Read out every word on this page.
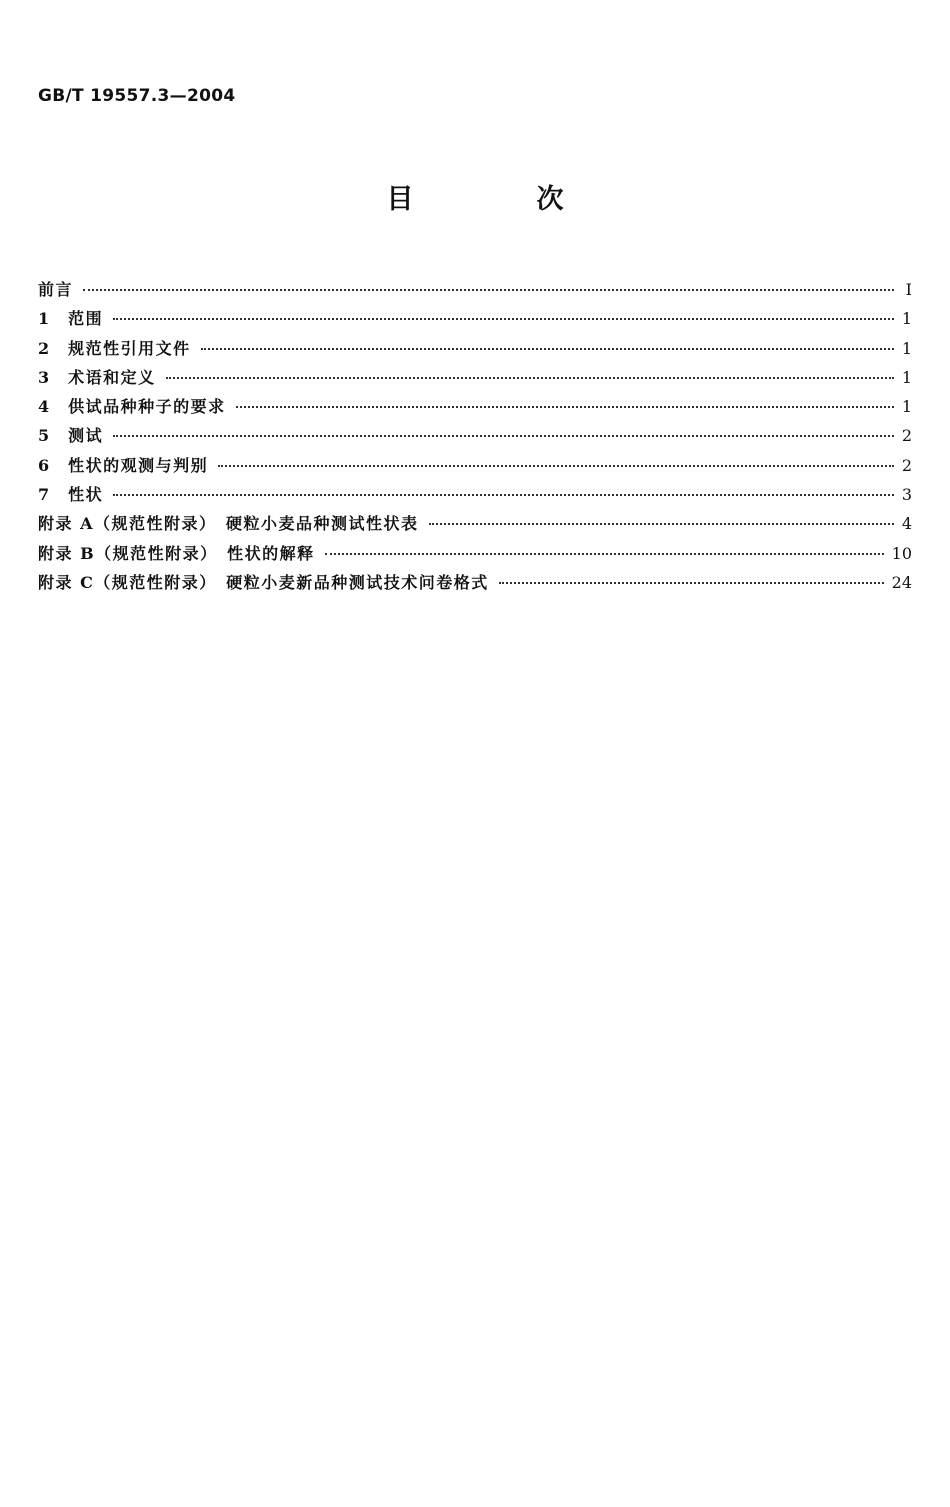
GB/T 19557.3—2004
目　次
前言	I
1　范围	1
2　规范性引用文件	1
3　术语和定义	1
4　供试品种种子的要求	1
5　测试	2
6　性状的观测与判别	2
7　性状	3
附录 A（规范性附录）　硬粒小麦品种测试性状表	4
附录 B（规范性附录）　性状的解释	10
附录 C（规范性附录）　硬粒小麦新品种测试技术问卷格式	24
